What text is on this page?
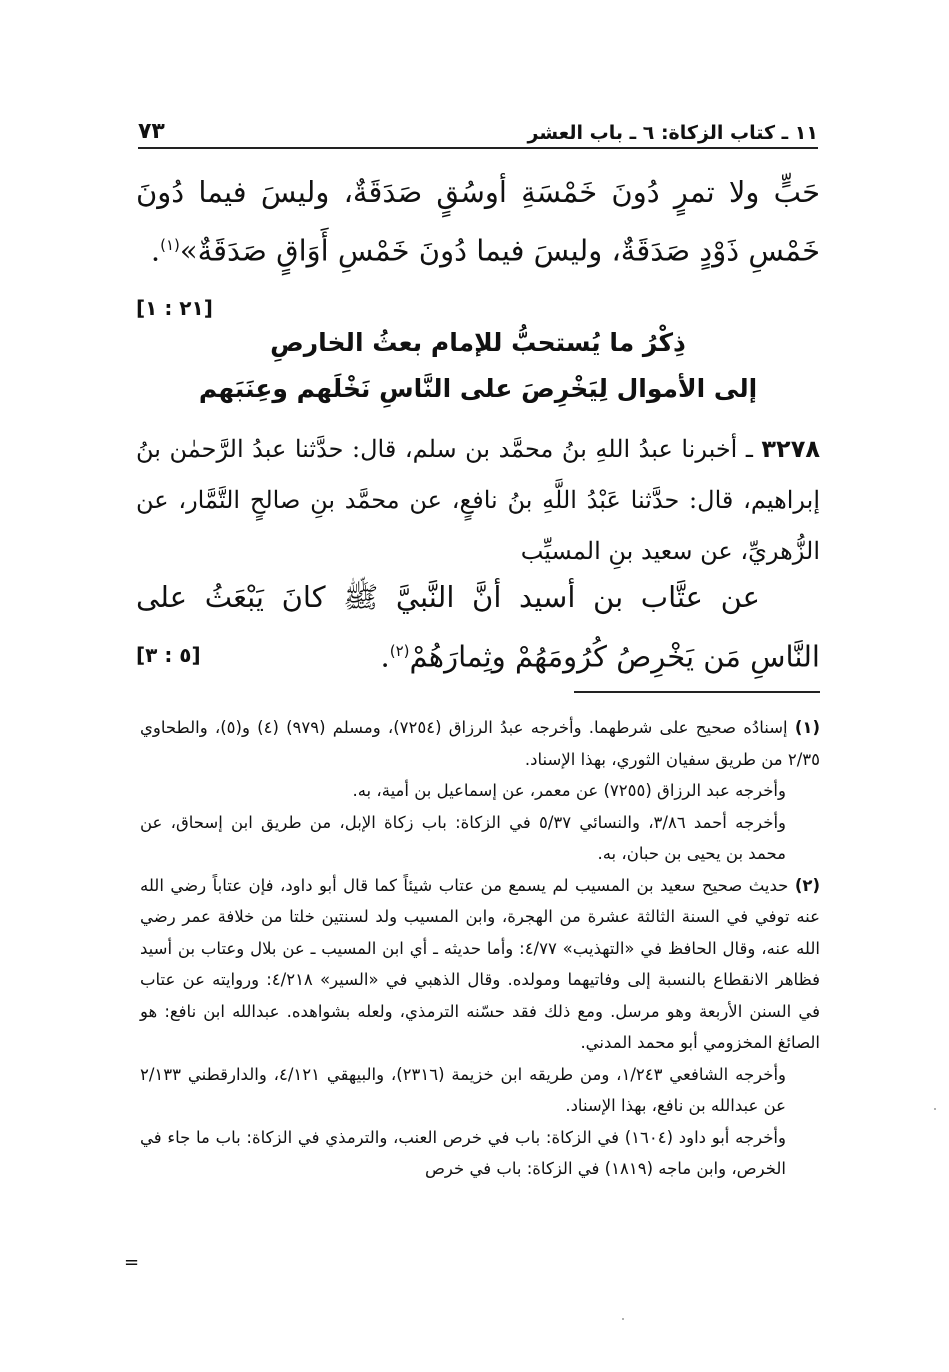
١١ ـ كتاب الزكاة: ٦ ـ باب العشر
٧٣
حَبٍّ ولا تمرٍ دُونَ خَمْسَةِ أوسُقٍ صَدَقَةٌ، وليسَ فيما دُونَ خَمْسِ ذَوْدٍ صَدَقَةٌ، وليسَ فيما دُونَ خَمْسِ أَوَاقٍ صَدَقَةٌ»$^{(١)}$.
[٢١ : ١]
ذِكْرُ ما يُستحبُّ للإمام بعثُ الخارصِ
إلى الأموال لِيَخْرِصَ على النَّاسِ نَخْلَهم وعِنَبَهم
٣٢٧٨ ـ أخبرنا عبدُ اللهِ بنُ محمَّد بن سلم، قال: حدَّثنا عبدُ الرَّحمٰن بنُ إبراهيم، قال: حدَّثنا عَبْدُ اللَّهِ بنُ نافعٍ، عن محمَّد بنِ صالحٍ التَّمَّار، عن الزُّهريِّ، عن سعيد بنِ المسيِّب
عن عتَّاب بن أسيد أنَّ النَّبيَّ ﷺ كانَ يَبْعَثُ على النَّاسِ مَن يَخْرِصُ كُرُومَهُمْ وثِمارَهُمْ$^{(٢)}$.
[٥ : ٣]

(١) إسنادُه صحيح على شرطهما. وأخرجه عبدُ الرزاق (٧٢٥٤)، ومسلم (٩٧٩) (٤) و(٥)، والطحاوي ٢/٣٥ من طريق سفيان الثوري، بهذا الإسناد.

وأخرجه عبد الرزاق (٧٢٥٥) عن معمر، عن إسماعيل بن أمية، به.

وأخرجه أحمد ٣/٨٦، والنسائي ٥/٣٧ في الزكاة: باب زكاة الإبل، من طريق ابن إسحاق، عن محمد بن يحيى بن حبان، به.

(٢) حديث صحيح سعيد بن المسيب لم يسمع من عتاب شيئاً كما قال أبو داود، فإن عتاباً رضي الله عنه توفي في السنة الثالثة عشرة من الهجرة، وابن المسيب ولد لسنتين خلتا من خلافة عمر رضي الله عنه، وقال الحافظ في «التهذيب» ٤/٧٧: وأما حديثه ـ أي ابن المسيب ـ عن بلال وعتاب بن أسيد فظاهر الانقطاع بالنسبة إلى وفاتيهما ومولده. وقال الذهبي في «السير» ٤/٢١٨: وروايته عن عتاب في السنن الأربعة وهو مرسل. ومع ذلك فقد حسّنه الترمذي، ولعله بشواهده. عبدالله ابن نافع: هو الصائغ المخزومي أبو محمد المدني.

وأخرجه الشافعي ١/٢٤٣، ومن طريقه ابن خزيمة (٢٣١٦)، والبيهقي ٤/١٢١، والدارقطني ٢/١٣٣ عن عبدالله بن نافع، بهذا الإسناد.

وأخرجه أبو داود (١٦٠٤) في الزكاة: باب في خرص العنب، والترمذي في الزكاة: باب ما جاء في الخرص، وابن ماجه (١٨١٩) في الزكاة: باب في خرص

=
